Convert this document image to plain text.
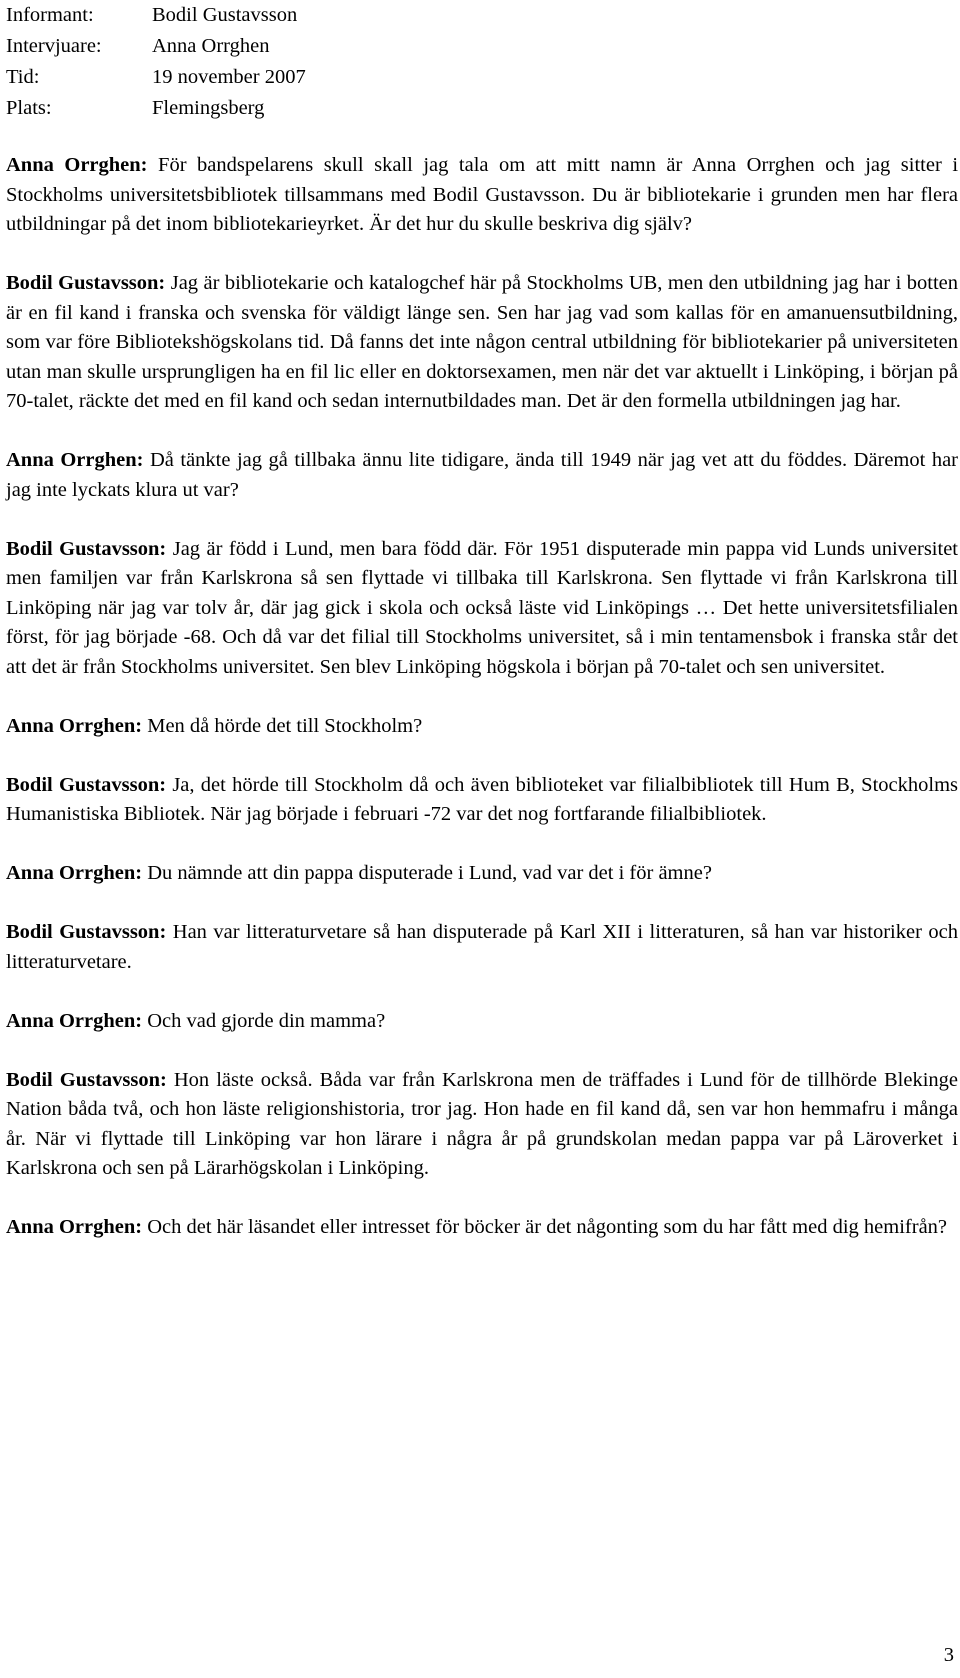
Informant:	Bodil Gustavsson
Intervjuare:	Anna Orrghen
Tid:	19 november 2007
Plats:	Flemingsberg

Anna Orrghen: För bandspelarens skull skall jag tala om att mitt namn är Anna Orrghen och jag sitter i Stockholms universitetsbibliotek tillsammans med Bodil Gustavsson. Du är bibliotekarie i grunden men har flera utbildningar på det inom bibliotekarieyrket. Är det hur du skulle beskriva dig själv?

Bodil Gustavsson: Jag är bibliotekarie och katalogchef här på Stockholms UB, men den utbildning jag har i botten är en fil kand i franska och svenska för väldigt länge sen. Sen har jag vad som kallas för en amanuensutbildning, som var före Bibliotekshögskolans tid. Då fanns det inte någon central utbildning för bibliotekarier på universiteten utan man skulle ursprungligen ha en fil lic eller en doktorsexamen, men när det var aktuellt i Linköping, i början på 70-talet, räckte det med en fil kand och sedan internutbildades man. Det är den formella utbildningen jag har.

Anna Orrghen: Då tänkte jag gå tillbaka ännu lite tidigare, ända till 1949 när jag vet att du föddes. Däremot har jag inte lyckats klura ut var?

Bodil Gustavsson: Jag är född i Lund, men bara född där. För 1951 disputerade min pappa vid Lunds universitet men familjen var från Karlskrona så sen flyttade vi tillbaka till Karlskrona. Sen flyttade vi från Karlskrona till Linköping när jag var tolv år, där jag gick i skola och också läste vid Linköpings … Det hette universitetsfilialen först, för jag började -68. Och då var det filial till Stockholms universitet, så i min tentamensbok i franska står det att det är från Stockholms universitet. Sen blev Linköping högskola i början på 70-talet och sen universitet.

Anna Orrghen: Men då hörde det till Stockholm?

Bodil Gustavsson: Ja, det hörde till Stockholm då och även biblioteket var filialbibliotek till Hum B, Stockholms Humanistiska Bibliotek. När jag började i februari -72 var det nog fortfarande filialbibliotek.

Anna Orrghen: Du nämnde att din pappa disputerade i Lund, vad var det i för ämne?

Bodil Gustavsson: Han var litteraturvetare så han disputerade på Karl XII i litteraturen, så han var historiker och litteraturvetare.

Anna Orrghen: Och vad gjorde din mamma?

Bodil Gustavsson: Hon läste också. Båda var från Karlskrona men de träffades i Lund för de tillhörde Blekinge Nation båda två, och hon läste religionshistoria, tror jag. Hon hade en fil kand då, sen var hon hemmafru i många år. När vi flyttade till Linköping var hon lärare i några år på grundskolan medan pappa var på Läroverket i Karlskrona och sen på Lärarhögskolan i Linköping.

Anna Orrghen: Och det här läsandet eller intresset för böcker är det någonting som du har fått med dig hemifrån?

3
